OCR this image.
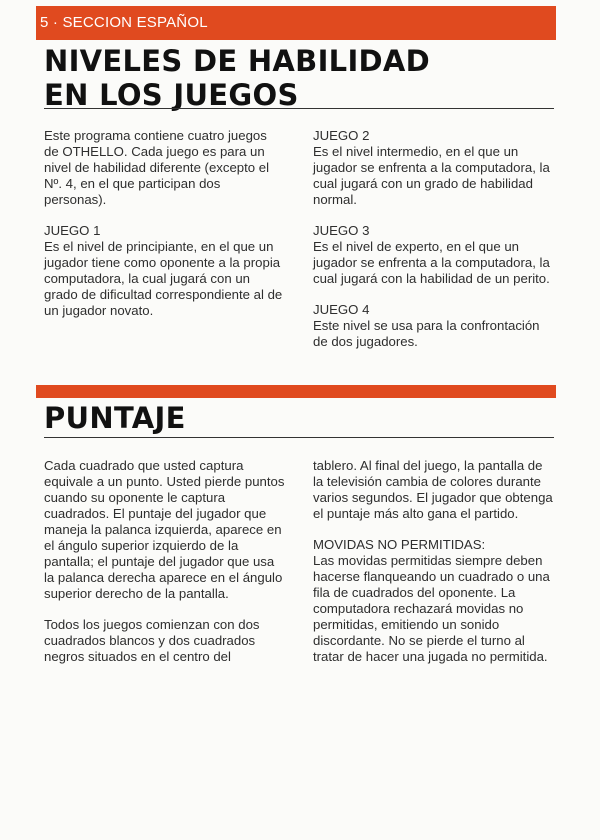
5 · SECCION ESPAÑOL
NIVELES DE HABILIDAD
EN LOS JUEGOS

Este programa contiene cuatro juegos de OTHELLO. Cada juego es para un nivel de habilidad diferente (excepto el Nº. 4, en el que participan dos personas).

JUEGO 1
Es el nivel de principiante, en el que un jugador tiene como oponente a la propia computadora, la cual jugará con un grado de dificultad correspondiente al de un jugador novato.

JUEGO 2
Es el nivel intermedio, en el que un jugador se enfrenta a la computadora, la cual jugará con un grado de habilidad normal.

JUEGO 3
Es el nivel de experto, en el que un jugador se enfrenta a la computadora, la cual jugará con la habilidad de un perito.

JUEGO 4
Este nivel se usa para la confrontación de dos jugadores.

PUNTAJE

Cada cuadrado que usted captura equivale a un punto. Usted pierde puntos cuando su oponente le captura cuadrados. El puntaje del jugador que maneja la palanca izquierda, aparece en el ángulo superior izquierdo de la pantalla; el puntaje del jugador que usa la palanca derecha aparece en el ángulo superior derecho de la pantalla.

Todos los juegos comienzan con dos cuadrados blancos y dos cuadrados negros situados en el centro del

tablero. Al final del juego, la pantalla de la televisión cambia de colores durante varios segundos. El jugador que obtenga el puntaje más alto gana el partido.

MOVIDAS NO PERMITIDAS:
Las movidas permitidas siempre deben hacerse flanqueando un cuadrado o una fila de cuadrados del oponente. La computadora rechazará movidas no permitidas, emitiendo un sonido discordante. No se pierde el turno al tratar de hacer una jugada no permitida.
